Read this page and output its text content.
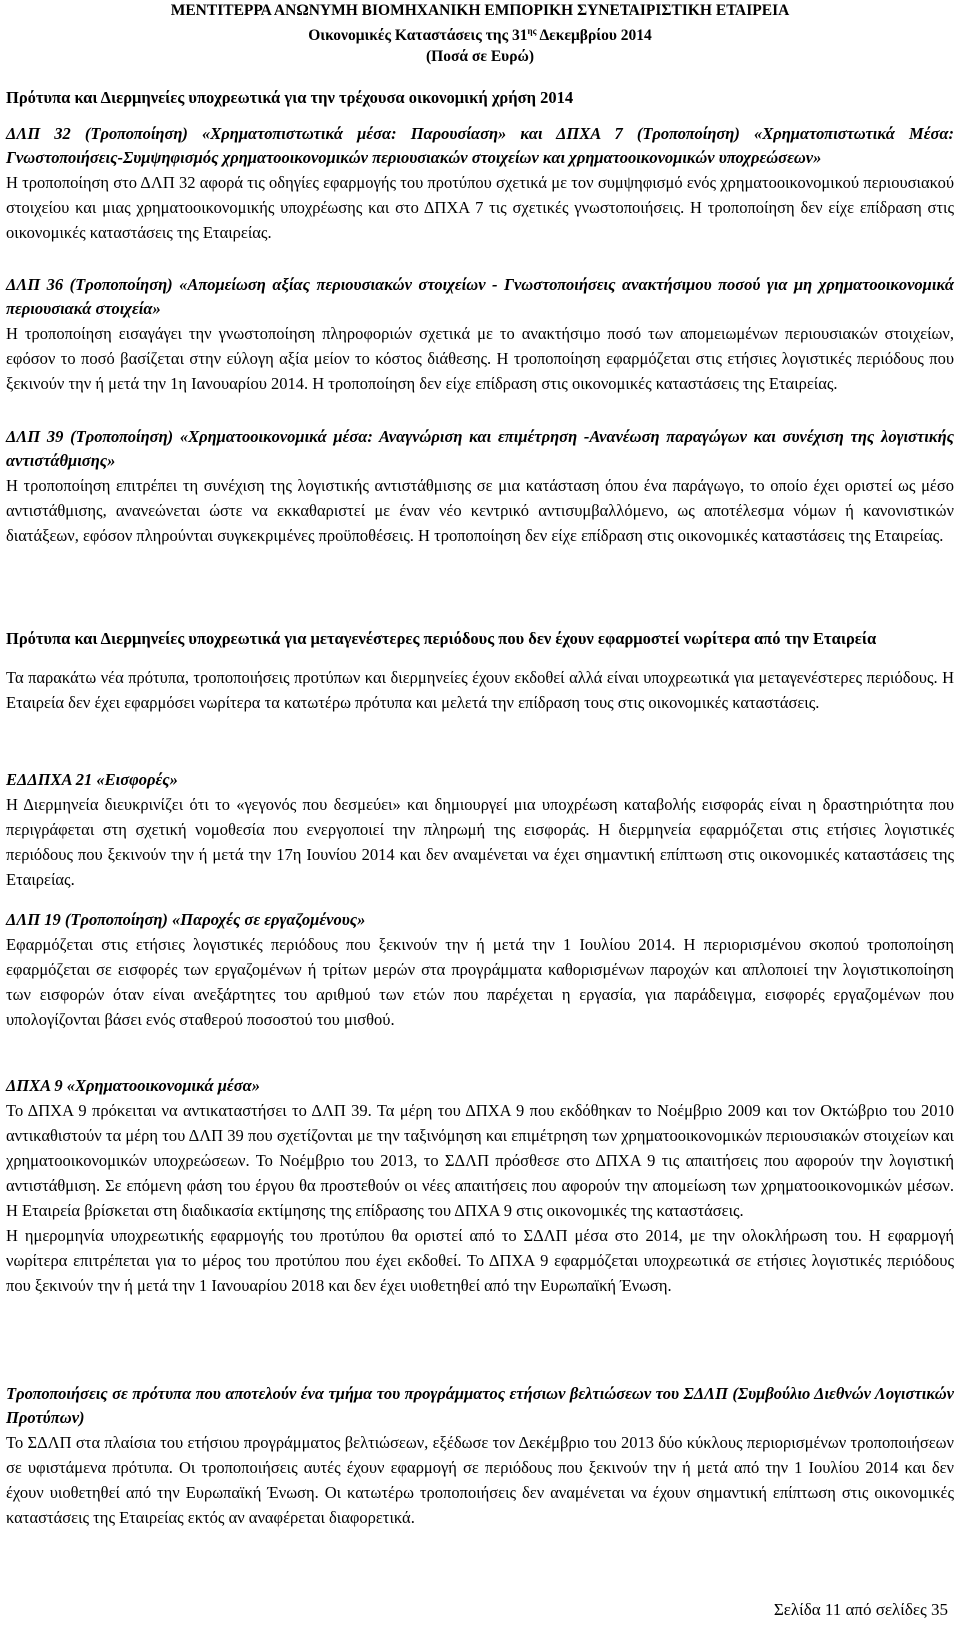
ΜΕΝΤΙΤΕΡΡΑ ΑΝΩΝΥΜΗ ΒΙΟΜΗΧΑΝΙΚΗ ΕΜΠΟΡΙΚΗ ΣΥΝΕΤΑΙΡΙΣΤΙΚΗ ΕΤΑΙΡΕΙΑ
Οικονομικές Καταστάσεις της $31^{\eta\varsigma}$ Δεκεμβρίου 2014
(Ποσά σε Ευρώ)
Πρότυπα και Διερμηνείες υποχρεωτικά για την τρέχουσα οικονομική χρήση 2014
ΔΛΠ 32 (Τροποποίηση) «Χρηματοπιστωτικά μέσα: Παρουσίαση» και ΔΠΧΑ 7 (Τροποποίηση) «Χρηματοπιστωτικά Μέσα: Γνωστοποιήσεις-Συμψηφισμός χρηματοοικονομικών περιουσιακών στοιχείων και χρηματοοικονομικών υποχρεώσεων»

Η τροποποίηση στο ΔΛΠ 32 αφορά τις οδηγίες εφαρμογής του προτύπου σχετικά με τον συμψηφισμό ενός χρηματοοικονομικού περιουσιακού στοιχείου και μιας χρηματοοικονομικής υποχρέωσης και στο ΔΠΧΑ 7 τις σχετικές γνωστοποιήσεις. Η τροποποίηση δεν είχε επίδραση στις οικονομικές καταστάσεις της Εταιρείας.

ΔΛΠ 36 (Τροποποίηση) «Απομείωση αξίας περιουσιακών στοιχείων - Γνωστοποιήσεις ανακτήσιμου ποσού για μη χρηματοοικονομικά περιουσιακά στοιχεία»

Η τροποποίηση εισαγάγει την γνωστοποίηση πληροφοριών σχετικά με το ανακτήσιμο ποσό των απομειωμένων περιουσιακών στοιχείων, εφόσον το ποσό βασίζεται στην εύλογη αξία μείον το κόστος διάθεσης. Η τροποποίηση εφαρμόζεται στις ετήσιες λογιστικές περιόδους που ξεκινούν την ή μετά την 1η Ιανουαρίου 2014. Η τροποποίηση δεν είχε επίδραση στις οικονομικές καταστάσεις της Εταιρείας.

ΔΛΠ 39 (Τροποποίηση) «Χρηματοοικονομικά μέσα: Αναγνώριση και επιμέτρηση -Ανανέωση παραγώγων και συνέχιση της λογιστικής αντιστάθμισης»

Η τροποποίηση επιτρέπει τη συνέχιση της λογιστικής αντιστάθμισης σε μια κατάσταση όπου ένα παράγωγο, το οποίο έχει οριστεί ως μέσο αντιστάθμισης, ανανεώνεται ώστε να εκκαθαριστεί με έναν νέο κεντρικό αντισυμβαλλόμενο, ως αποτέλεσμα νόμων ή κανονιστικών διατάξεων, εφόσον πληρούνται συγκεκριμένες προϋποθέσεις. Η τροποποίηση δεν είχε επίδραση στις οικονομικές καταστάσεις της Εταιρείας.

Πρότυπα και Διερμηνείες υποχρεωτικά για μεταγενέστερες περιόδους που δεν έχουν εφαρμοστεί νωρίτερα από την Εταιρεία

Τα παρακάτω νέα πρότυπα, τροποποιήσεις προτύπων και διερμηνείες έχουν εκδοθεί αλλά είναι υποχρεωτικά για μεταγενέστερες περιόδους. Η Εταιρεία δεν έχει εφαρμόσει νωρίτερα τα κατωτέρω πρότυπα και μελετά την επίδραση τους στις οικονομικές καταστάσεις.

ΕΔΔΠΧΑ 21 «Εισφορές»

Η Διερμηνεία διευκρινίζει ότι το «γεγονός που δεσμεύει» και δημιουργεί μια υποχρέωση καταβολής εισφοράς είναι η δραστηριότητα που περιγράφεται στη σχετική νομοθεσία που ενεργοποιεί την πληρωμή της εισφοράς. Η διερμηνεία εφαρμόζεται στις ετήσιες λογιστικές περιόδους που ξεκινούν την ή μετά την 17η Ιουνίου 2014 και δεν αναμένεται να έχει σημαντική επίπτωση στις οικονομικές καταστάσεις της Εταιρείας.

ΔΛΠ 19 (Τροποποίηση) «Παροχές σε εργαζομένους»

Εφαρμόζεται στις ετήσιες λογιστικές περιόδους που ξεκινούν την ή μετά την 1 Ιουλίου 2014. Η περιορισμένου σκοπού τροποποίηση εφαρμόζεται σε εισφορές των εργαζομένων ή τρίτων μερών στα προγράμματα καθορισμένων παροχών και απλοποιεί την λογιστικοποίηση των εισφορών όταν είναι ανεξάρτητες του αριθμού των ετών που παρέχεται η εργασία, για παράδειγμα, εισφορές εργαζομένων που υπολογίζονται βάσει ενός σταθερού ποσοστού του μισθού.

ΔΠΧΑ 9 «Χρηματοοικονομικά μέσα»

Το ΔΠΧΑ 9 πρόκειται να αντικαταστήσει το ΔΛΠ 39. Τα μέρη του ΔΠΧΑ 9 που εκδόθηκαν το Νοέμβριο 2009 και τον Οκτώβριο του 2010 αντικαθιστούν τα μέρη του ΔΛΠ 39 που σχετίζονται με την ταξινόμηση και επιμέτρηση των χρηματοοικονομικών περιουσιακών στοιχείων και χρηματοοικονομικών υποχρεώσεων. Το Νοέμβριο του 2013, το ΣΔΛΠ πρόσθεσε στο ΔΠΧΑ 9 τις απαιτήσεις που αφορούν την λογιστική αντιστάθμιση. Σε επόμενη φάση του έργου θα προστεθούν οι νέες απαιτήσεις που αφορούν την απομείωση των χρηματοοικονομικών μέσων. Η Εταιρεία βρίσκεται στη διαδικασία εκτίμησης της επίδρασης του ΔΠΧΑ 9 στις οικονομικές της καταστάσεις.

Η ημερομηνία υποχρεωτικής εφαρμογής του προτύπου θα οριστεί από το ΣΔΛΠ μέσα στο 2014, με την ολοκλήρωση του. Η εφαρμογή νωρίτερα επιτρέπεται για το μέρος του προτύπου που έχει εκδοθεί. Το ΔΠΧΑ 9 εφαρμόζεται υποχρεωτικά σε ετήσιες λογιστικές περιόδους που ξεκινούν την ή μετά την 1 Ιανουαρίου 2018 και δεν έχει υιοθετηθεί από την Ευρωπαϊκή Ένωση.

Τροποποιήσεις σε πρότυπα που αποτελούν ένα τμήμα του προγράμματος ετήσιων βελτιώσεων του ΣΔΛΠ (Συμβούλιο Διεθνών Λογιστικών Προτύπων)

Το ΣΔΛΠ στα πλαίσια του ετήσιου προγράμματος βελτιώσεων, εξέδωσε τον Δεκέμβριο του 2013 δύο κύκλους περιορισμένων τροποποιήσεων σε υφιστάμενα πρότυπα. Οι τροποποιήσεις αυτές έχουν εφαρμογή σε περιόδους που ξεκινούν την ή μετά από την 1 Ιουλίου 2014 και δεν έχουν υιοθετηθεί από την Ευρωπαϊκή Ένωση. Οι κατωτέρω τροποποιήσεις δεν αναμένεται να έχουν σημαντική επίπτωση στις οικονομικές καταστάσεις της Εταιρείας εκτός αν αναφέρεται διαφορετικά.

Σελίδα 11 από σελίδες 35
